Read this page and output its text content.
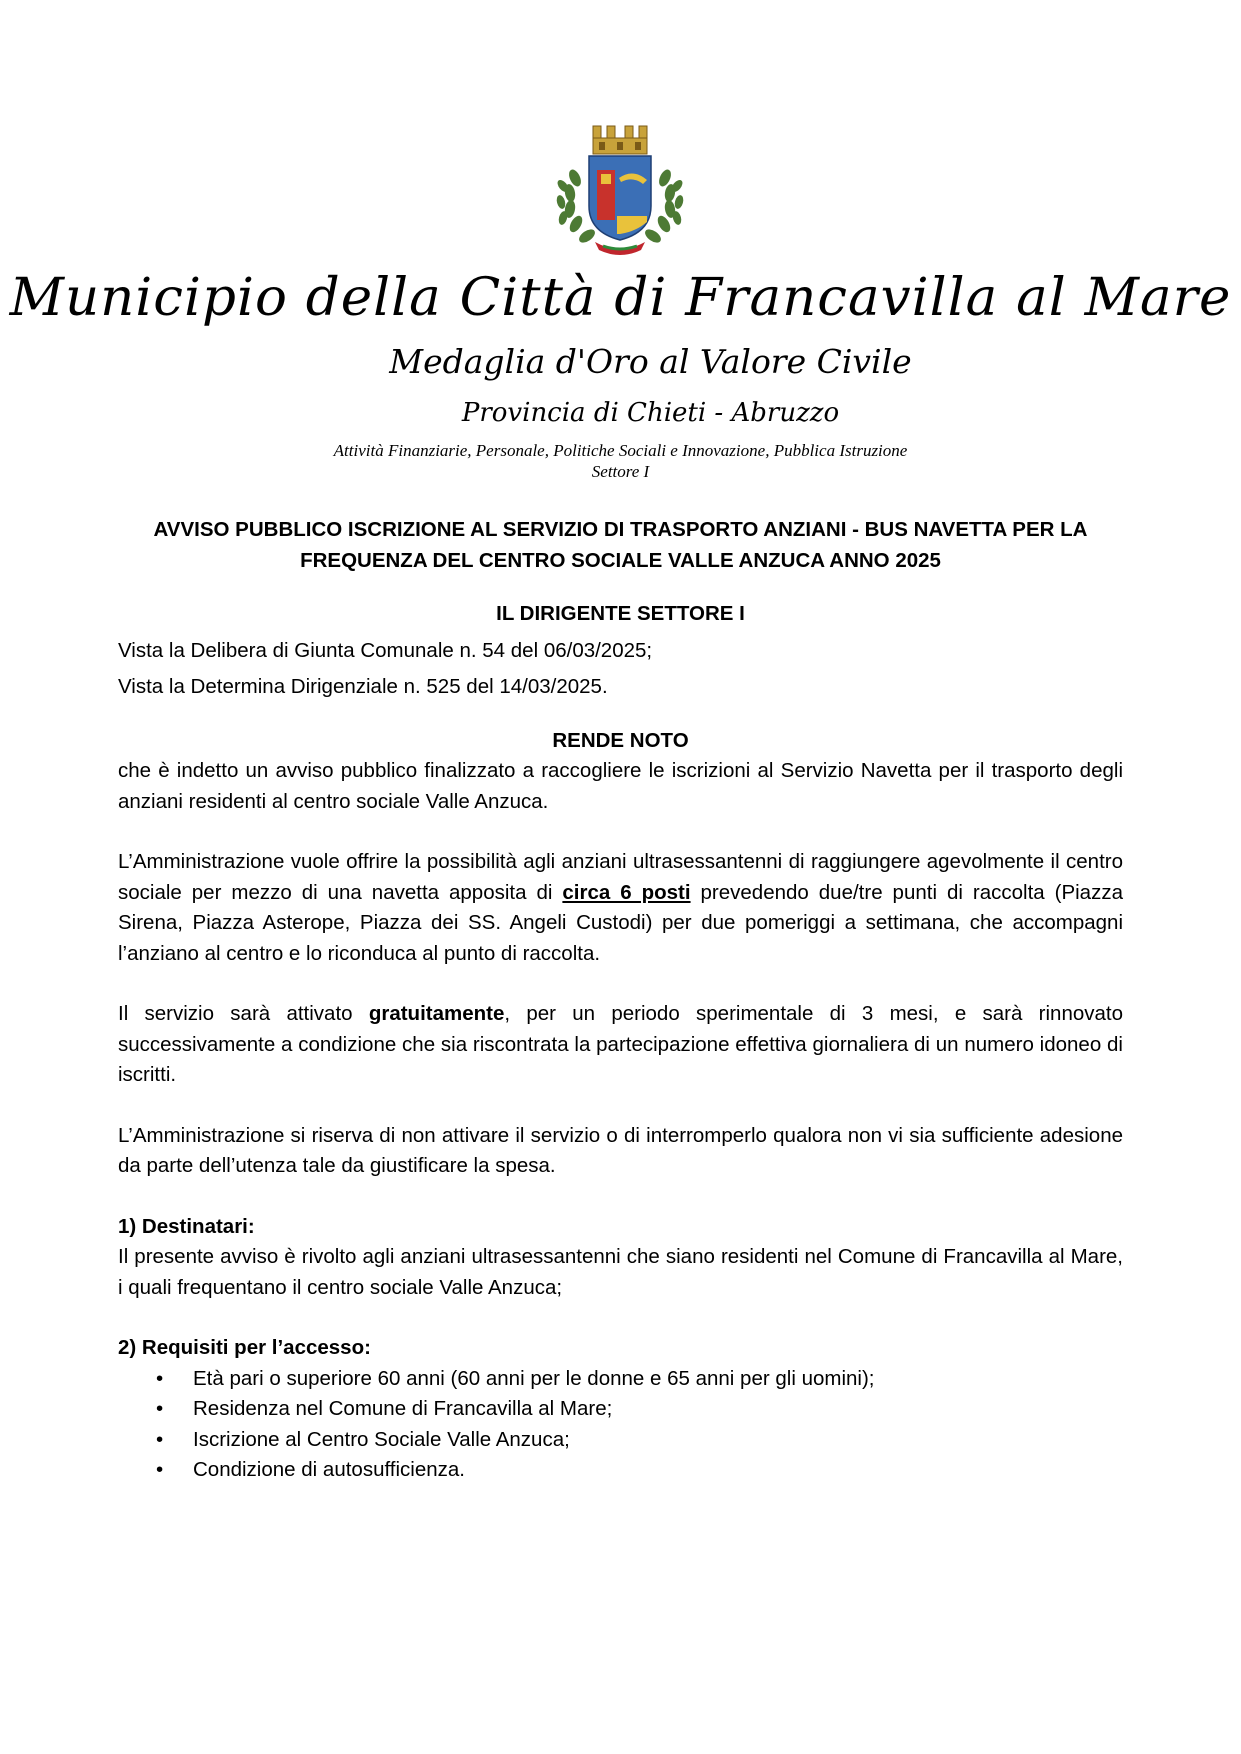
Municipio della Città di Francavilla al Mare
Medaglia d'Oro al Valore Civile
Provincia di Chieti - Abruzzo
Attività Finanziarie, Personale, Politiche Sociali e Innovazione, Pubblica Istruzione
Settore I

AVVISO PUBBLICO ISCRIZIONE AL SERVIZIO DI TRASPORTO ANZIANI - BUS NAVETTA PER LA

FREQUENZA DEL CENTRO SOCIALE VALLE ANZUCA ANNO 2025

IL DIRIGENTE SETTORE I

Vista la Delibera di Giunta Comunale n. 54 del 06/03/2025;

Vista la Determina Dirigenziale n. 525 del 14/03/2025.

RENDE NOTO

che è indetto un avviso pubblico finalizzato a raccogliere le iscrizioni al Servizio Navetta per il trasporto degli anziani residenti al centro sociale Valle Anzuca.

L’Amministrazione vuole offrire la possibilità agli anziani ultrasessantenni di raggiungere agevolmente il centro sociale per mezzo di una navetta apposita di circa 6 posti prevedendo due/tre punti di raccolta (Piazza Sirena, Piazza Asterope, Piazza dei SS. Angeli Custodi) per due pomeriggi a settimana, che accompagni l’anziano al centro e lo riconduca al punto di raccolta.

Il servizio sarà attivato gratuitamente, per un periodo sperimentale di 3 mesi, e sarà rinnovato successivamente a condizione che sia riscontrata la partecipazione effettiva giornaliera di un numero idoneo di iscritti.

L’Amministrazione si riserva di non attivare il servizio o di interromperlo qualora non vi sia sufficiente adesione da parte dell’utenza tale da giustificare la spesa.

1) Destinatari:

Il presente avviso è rivolto agli anziani ultrasessantenni che siano residenti nel Comune di Francavilla al Mare, i quali frequentano il centro sociale Valle Anzuca;

2) Requisiti per l’accesso:

• Età pari o superiore 60 anni (60 anni per le donne e 65 anni per gli uomini);
• Residenza nel Comune di Francavilla al Mare;
• Iscrizione al Centro Sociale Valle Anzuca;
• Condizione di autosufficienza.
